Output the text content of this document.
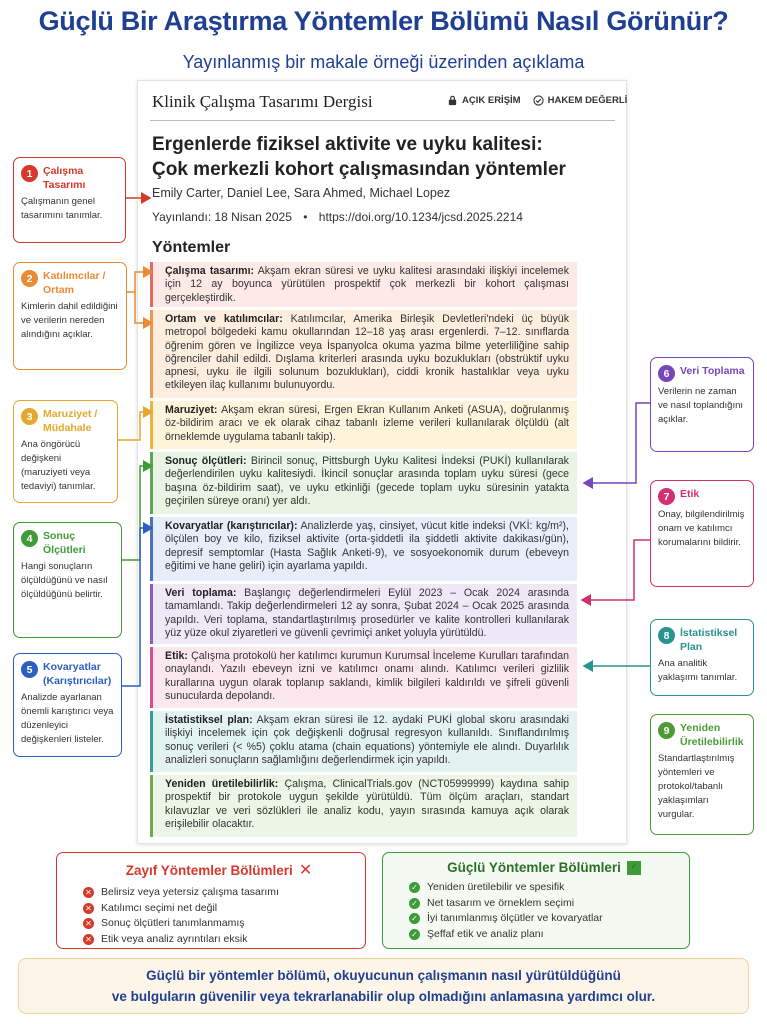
Güçlü Bir Araştırma Yöntemler Bölümü Nasıl Görünür?
Yayınlanmış bir makale örneği üzerinden açıklama
Klinik Çalışma Tasarımı Dergisi	AÇIK ERİŞİM	HAKEM DEĞERLİ
Ergenlerde fiziksel aktivite ve uyku kalitesi:
Çok merkezli kohort çalışmasından yöntemler
Emily Carter, Daniel Lee, Sara Ahmed, Michael Lopez
Yayınlandı: 18 Nisan 2025 • https://doi.org/10.1234/jcsd.2025.2214
Yöntemler
Çalışma tasarımı: Akşam ekran süresi ve uyku kalitesi arasındaki ilişkiyi incelemek için 12 ay boyunca yürütülen prospektif çok merkezli bir kohort çalışması gerçekleştirdik.
Ortam ve katılımcılar: Katılımcılar, Amerika Birleşik Devletleri'ndeki üç büyük metropol bölgedeki kamu okullarından 12–18 yaş arası ergenlerdi. 7–12. sınıflarda öğrenim gören ve İngilizce veya İspanyolca okuma yazma bilme yeterliliğine sahip öğrenciler dahil edildi. Dışlama kriterleri arasında uyku bozuklukları (obstrüktif uyku apnesi, uyku ile ilgili solunum bozuklukları), ciddi kronik hastalıklar veya uyku etkileyen ilaç kullanımı bulunuyordu.
Maruziyet: Akşam ekran süresi, Ergen Ekran Kullanım Anketi (ASUA), doğrulanmış öz-bildirim aracı ve ek olarak cihaz tabanlı izleme verileri kullanılarak ölçüldü (alt örneklemde uygulama tabanlı takip).
Sonuç ölçütleri: Birincil sonuç, Pittsburgh Uyku Kalitesi İndeksi (PUKİ) kullanılarak değerlendirilen uyku kalitesiydi. İkincil sonuçlar arasında toplam uyku süresi (gece başına öz-bildirim saat), ve uyku etkinliği (gecede toplam uyku süresinin yatakta geçirilen süreye oranı) yer aldı.
Kovaryatlar (karıştırıcılar): Analizlerde yaş, cinsiyet, vücut kitle indeksi (VKİ: kg/m²), ölçülen boy ve kilo, fiziksel aktivite (orta-şiddetli ila şiddetli aktivite dakikası/gün), depresif semptomlar (Hasta Sağlık Anketi-9), ve sosyoekonomik durum (ebeveyn eğitimi ve hane geliri) için ayarlama yapıldı.
Veri toplama: Başlangıç değerlendirmeleri Eylül 2023 – Ocak 2024 arasında tamamlandı. Takip değerlendirmeleri 12 ay sonra, Şubat 2024 – Ocak 2025 arasında yapıldı. Veri toplama, standartlaştırılmış prosedürler ve kalite kontrolleri kullanılarak yüz yüze okul ziyaretleri ve güvenli çevrimiçi anket yoluyla yürütüldü.
Etik: Çalışma protokolü her katılımcı kurumun Kurumsal İnceleme Kurulları tarafından onaylandı. Yazılı ebeveyn izni ve katılımcı onamı alındı. Katılımcı verileri gizlilik kurallarına uygun olarak toplanıp saklandı, kimlik bilgileri kaldırıldı ve şifreli güvenli sunucularda depolandı.
İstatistiksel plan: Akşam ekran süresi ile 12. aydaki PUKİ global skoru arasındaki ilişkiyi incelemek için çok değişkenli doğrusal regresyon kullanıldı. Sınıflandırılmış sonuç verileri (< %5) çoklu atama (chain equations) yöntemiyle ele alındı. Duyarlılık analizleri sonuçların sağlamlığını değerlendirmek için yapıldı.
Yeniden üretilebilirlik: Çalışma, ClinicalTrials.gov (NCT05999999) kaydına sahip prospektif bir protokole uygun şekilde yürütüldü. Tüm ölçüm araçları, standart kılavuzlar ve veri sözlükleri ile analiz kodu, yayın sırasında kamuya açık olarak erişilebilir olacaktır.
1	Çalışma Tasarımı
Çalışmanın genel tasarımını tanımlar.
2	Katılımcılar / Ortam
Kimlerin dahil edildiğini ve verilerin nereden alındığını açıklar.
3	Maruziyet / Müdahale
Ana öngörücü değişkeni (maruziyeti veya tedaviyi) tanımlar.
4	Sonuç Ölçütleri
Hangi sonuçların ölçüldüğünü ve nasıl ölçüldüğünü belirtir.
5	Kovaryatlar (Karıştırıcılar)
Analizde ayarlanan önemli karıştırıcı veya düzenleyici değişkenleri listeler.
6	Veri Toplama
Verilerin ne zaman ve nasıl toplandığını açıklar.
7	Etik
Onay, bilgilendirilmiş onam ve katılımcı korumalarını bildirir.
8	İstatistiksel Plan
Ana analitik yaklaşımı tanımlar.
9	Yeniden Üretilebilirlik
Standartlaştırılmış yöntemleri ve protokol/tabanlı yaklaşımları vurgular.
Zayıf Yöntemler Bölümleri ✕
✕ Belirsiz veya yetersiz çalışma tasarımı
✕ Katılımcı seçimi net değil
✕ Sonuç ölçütleri tanımlanmamış
✕ Etik veya analiz ayrıntıları eksik
Güçlü Yöntemler Bölümleri	✓
✓ Yeniden üretilebilir ve spesifik
✓ Net tasarım ve örneklem seçimi
✓ İyi tanımlanmış ölçütler ve kovaryatlar
✓ Şeffaf etik ve analiz planı
Güçlü bir yöntemler bölümü, okuyucunun çalışmanın nasıl yürütüldüğünü
ve bulguların güvenilir veya tekrarlanabilir olup olmadığını anlamasına yardımcı olur.
